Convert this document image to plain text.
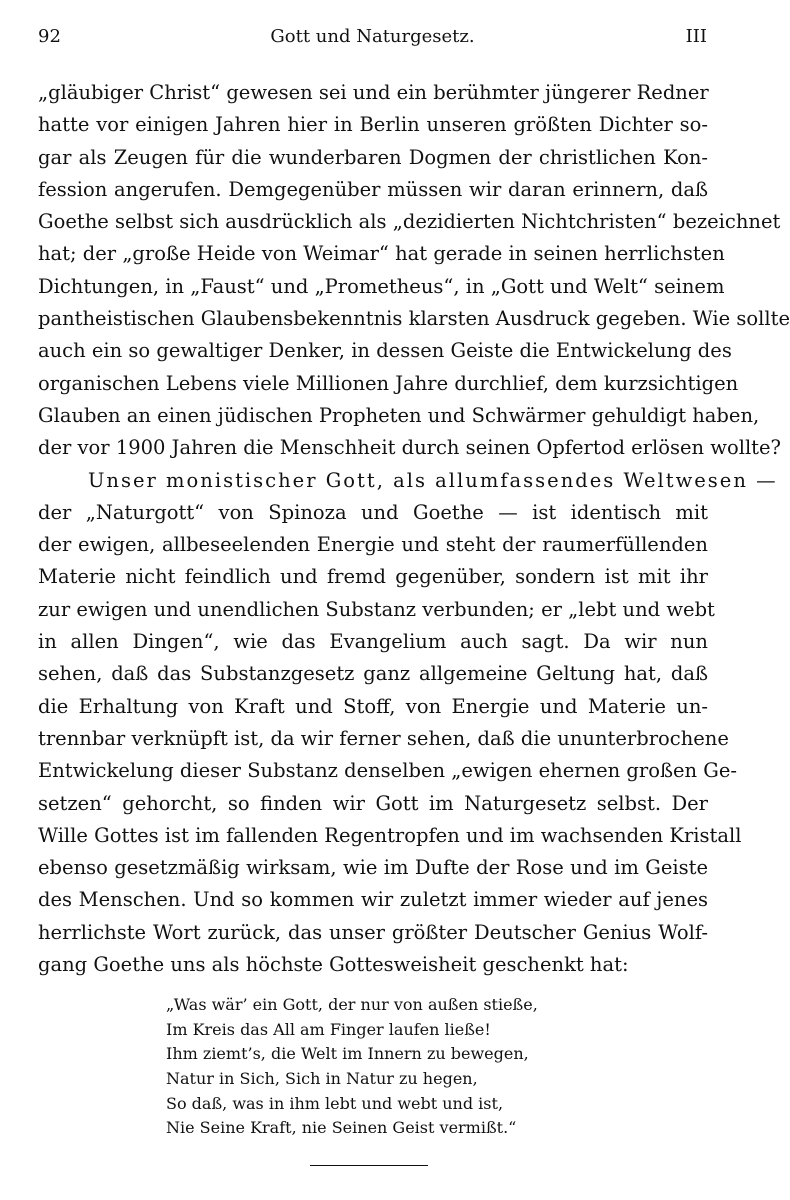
92	Gott und Naturgesetz.	III
„gläubiger Christ“ gewesen sei und ein berühmter jüngerer Redner
hatte vor einigen Jahren hier in Berlin unseren größten Dichter so-
gar als Zeugen für die wunderbaren Dogmen der christlichen Kon-
fession angerufen. Demgegenüber müssen wir daran erinnern, daß
Goethe selbst sich ausdrücklich als „dezidierten Nichtchristen“ bezeichnet
hat; der „große Heide von Weimar“ hat gerade in seinen herrlichsten
Dichtungen, in „Faust“ und „Prometheus“, in „Gott und Welt“ seinem
pantheistischen Glaubensbekenntnis klarsten Ausdruck gegeben. Wie sollte
auch ein so gewaltiger Denker, in dessen Geiste die Entwickelung des
organischen Lebens viele Millionen Jahre durchlief, dem kurzsichtigen
Glauben an einen jüdischen Propheten und Schwärmer gehuldigt haben,
der vor 1900 Jahren die Menschheit durch seinen Opfertod erlösen wollte?
Unser monistischer Gott, als allumfassendes Weltwesen —
der „Naturgott“ von Spinoza und Goethe — ist identisch mit
der ewigen, allbeseelenden Energie und steht der raumerfüllenden
Materie nicht feindlich und fremd gegenüber, sondern ist mit ihr
zur ewigen und unendlichen Substanz verbunden; er „lebt und webt
in allen Dingen“, wie das Evangelium auch sagt. Da wir nun
sehen, daß das Substanzgesetz ganz allgemeine Geltung hat, daß
die Erhaltung von Kraft und Stoff, von Energie und Materie un-
trennbar verknüpft ist, da wir ferner sehen, daß die ununterbrochene
Entwickelung dieser Substanz denselben „ewigen ehernen großen Ge-
setzen“ gehorcht, so finden wir Gott im Naturgesetz selbst. Der
Wille Gottes ist im fallenden Regentropfen und im wachsenden Kristall
ebenso gesetzmäßig wirksam, wie im Dufte der Rose und im Geiste
des Menschen. Und so kommen wir zuletzt immer wieder auf jenes
herrlichste Wort zurück, das unser größter Deutscher Genius Wolf-
gang Goethe uns als höchste Gottesweisheit geschenkt hat:
„Was wär’ ein Gott, der nur von außen stieße,
Im Kreis das All am Finger laufen ließe!
Ihm ziemt’s, die Welt im Innern zu bewegen,
Natur in Sich, Sich in Natur zu hegen,
So daß, was in ihm lebt und webt und ist,
Nie Seine Kraft, nie Seinen Geist vermißt.“
